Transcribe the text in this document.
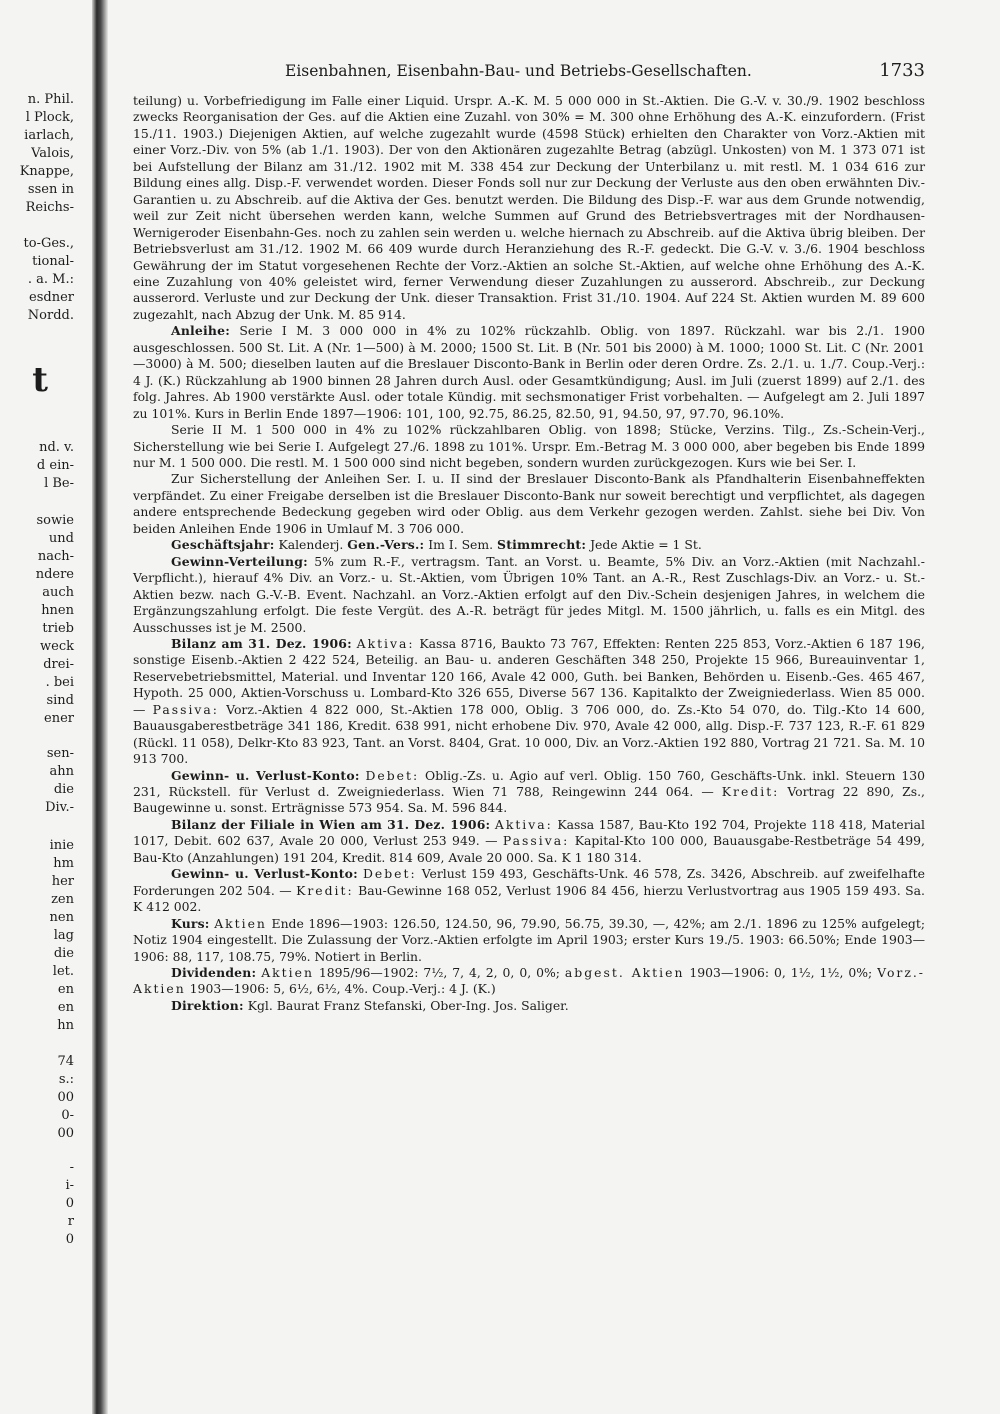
n. Phil.
l Plock,
iarlach,
Valois,
Knappe,
ssen in
Reichs-
to-Ges.,
tional-
. a. M.:
esdner
Nordd.
t
nd. v.
d ein-
l Be-
sowie
und
nach-
ndere
auch
hnen
trieb
weck
drei-
. bei
sind
ener
sen-
ahn
die
Div.-
inie
hm
her
zen
nen
lag
die
let.
en
en
hn
74
s.:
00
0-
00
-
i-
0
r
0
Eisenbahnen, Eisenbahn-Bau- und Betriebs-Gesellschaften.	1733

teilung) u. Vorbefriedigung im Falle einer Liquid. Urspr. A.-K. M. 5 000 000 in St.-Aktien. Die G.-V. v. 30./9. 1902 beschloss zwecks Reorganisation der Ges. auf die Aktien eine Zuzahl. von 30% = M. 300 ohne Erhöhung des A.-K. einzufordern. (Frist 15./11. 1903.) Diejenigen Aktien, auf welche zugezahlt wurde (4598 Stück) erhielten den Charakter von Vorz.-Aktien mit einer Vorz.-Div. von 5% (ab 1./1. 1903). Der von den Aktionären zugezahlte Betrag (abzügl. Unkosten) von M. 1 373 071 ist bei Aufstellung der Bilanz am 31./12. 1902 mit M. 338 454 zur Deckung der Unterbilanz u. mit restl. M. 1 034 616 zur Bildung eines allg. Disp.-F. verwendet worden. Dieser Fonds soll nur zur Deckung der Verluste aus den oben erwähnten Div.-Garantien u. zu Abschreib. auf die Aktiva der Ges. benutzt werden. Die Bildung des Disp.-F. war aus dem Grunde notwendig, weil zur Zeit nicht übersehen werden kann, welche Summen auf Grund des Betriebsvertrages mit der Nordhausen-Wernigeroder Eisenbahn-Ges. noch zu zahlen sein werden u. welche hiernach zu Abschreib. auf die Aktiva übrig bleiben. Der Betriebsverlust am 31./12. 1902 M. 66 409 wurde durch Heranziehung des R.-F. gedeckt. Die G.-V. v. 3./6. 1904 beschloss Gewährung der im Statut vorgesehenen Rechte der Vorz.-Aktien an solche St.-Aktien, auf welche ohne Erhöhung des A.-K. eine Zuzahlung von 40% geleistet wird, ferner Verwendung dieser Zuzahlungen zu ausserord. Abschreib., zur Deckung ausserord. Verluste und zur Deckung der Unk. dieser Transaktion. Frist 31./10. 1904. Auf 224 St. Aktien wurden M. 89 600 zugezahlt, nach Abzug der Unk. M. 85 914.

Anleihe: Serie I M. 3 000 000 in 4% zu 102% rückzahlb. Oblig. von 1897. Rückzahl. war bis 2./1. 1900 ausgeschlossen. 500 St. Lit. A (Nr. 1—500) à M. 2000; 1500 St. Lit. B (Nr. 501 bis 2000) à M. 1000; 1000 St. Lit. C (Nr. 2001—3000) à M. 500; dieselben lauten auf die Breslauer Disconto-Bank in Berlin oder deren Ordre. Zs. 2./1. u. 1./7. Coup.-Verj.: 4 J. (K.) Rückzahlung ab 1900 binnen 28 Jahren durch Ausl. oder Gesamtkündigung; Ausl. im Juli (zuerst 1899) auf 2./1. des folg. Jahres. Ab 1900 verstärkte Ausl. oder totale Kündig. mit sechsmonatiger Frist vorbehalten. — Aufgelegt am 2. Juli 1897 zu 101%. Kurs in Berlin Ende 1897—1906: 101, 100, 92.75, 86.25, 82.50, 91, 94.50, 97, 97.70, 96.10%.

Serie II M. 1 500 000 in 4% zu 102% rückzahlbaren Oblig. von 1898; Stücke, Verzins. Tilg., Zs.-Schein-Verj., Sicherstellung wie bei Serie I. Aufgelegt 27./6. 1898 zu 101%. Urspr. Em.-Betrag M. 3 000 000, aber begeben bis Ende 1899 nur M. 1 500 000. Die restl. M. 1 500 000 sind nicht begeben, sondern wurden zurückgezogen. Kurs wie bei Ser. I.

Zur Sicherstellung der Anleihen Ser. I. u. II sind der Breslauer Disconto-Bank als Pfandhalterin Eisenbahneffekten verpfändet. Zu einer Freigabe derselben ist die Breslauer Disconto-Bank nur soweit berechtigt und verpflichtet, als dagegen andere entsprechende Bedeckung gegeben wird oder Oblig. aus dem Verkehr gezogen werden. Zahlst. siehe bei Div. Von beiden Anleihen Ende 1906 in Umlauf M. 3 706 000.

Geschäftsjahr: Kalenderj. Gen.-Vers.: Im I. Sem. Stimmrecht: Jede Aktie = 1 St.

Gewinn-Verteilung: 5% zum R.-F., vertragsm. Tant. an Vorst. u. Beamte, 5% Div. an Vorz.-Aktien (mit Nachzahl.-Verpflicht.), hierauf 4% Div. an Vorz.- u. St.-Aktien, vom Übrigen 10% Tant. an A.-R., Rest Zuschlags-Div. an Vorz.- u. St.-Aktien bezw. nach G.-V.-B. Event. Nachzahl. an Vorz.-Aktien erfolgt auf den Div.-Schein desjenigen Jahres, in welchem die Ergänzungszahlung erfolgt. Die feste Vergüt. des A.-R. beträgt für jedes Mitgl. M. 1500 jährlich, u. falls es ein Mitgl. des Ausschusses ist je M. 2500.

Bilanz am 31. Dez. 1906: Aktiva: Kassa 8716, Baukto 73 767, Effekten: Renten 225 853, Vorz.-Aktien 6 187 196, sonstige Eisenb.-Aktien 2 422 524, Beteilig. an Bau- u. anderen Geschäften 348 250, Projekte 15 966, Bureauinventar 1, Reservebetriebsmittel, Material. und Inventar 120 166, Avale 42 000, Guth. bei Banken, Behörden u. Eisenb.-Ges. 465 467, Hypoth. 25 000, Aktien-Vorschuss u. Lombard-Kto 326 655, Diverse 567 136. Kapitalkto der Zweigniederlass. Wien 85 000. — Passiva: Vorz.-Aktien 4 822 000, St.-Aktien 178 000, Oblig. 3 706 000, do. Zs.-Kto 54 070, do. Tilg.-Kto 14 600, Bauausgaberestbeträge 341 186, Kredit. 638 991, nicht erhobene Div. 970, Avale 42 000, allg. Disp.-F. 737 123, R.-F. 61 829 (Rückl. 11 058), Delkr-Kto 83 923, Tant. an Vorst. 8404, Grat. 10 000, Div. an Vorz.-Aktien 192 880, Vortrag 21 721. Sa. M. 10 913 700.

Gewinn- u. Verlust-Konto: Debet: Oblig.-Zs. u. Agio auf verl. Oblig. 150 760, Geschäfts-Unk. inkl. Steuern 130 231, Rückstell. für Verlust d. Zweigniederlass. Wien 71 788, Reingewinn 244 064. — Kredit: Vortrag 22 890, Zs., Baugewinne u. sonst. Erträgnisse 573 954. Sa. M. 596 844.

Bilanz der Filiale in Wien am 31. Dez. 1906: Aktiva: Kassa 1587, Bau-Kto 192 704, Projekte 118 418, Material 1017, Debit. 602 637, Avale 20 000, Verlust 253 949. — Passiva: Kapital-Kto 100 000, Bauausgabe-Restbeträge 54 499, Bau-Kto (Anzahlungen) 191 204, Kredit. 814 609, Avale 20 000. Sa. K 1 180 314.

Gewinn- u. Verlust-Konto: Debet: Verlust 159 493, Geschäfts-Unk. 46 578, Zs. 3426, Abschreib. auf zweifelhafte Forderungen 202 504. — Kredit: Bau-Gewinne 168 052, Verlust 1906 84 456, hierzu Verlustvortrag aus 1905 159 493. Sa. K 412 002.

Kurs: Aktien Ende 1896—1903: 126.50, 124.50, 96, 79.90, 56.75, 39.30, —, 42%; am 2./1. 1896 zu 125% aufgelegt; Notiz 1904 eingestellt. Die Zulassung der Vorz.-Aktien erfolgte im April 1903; erster Kurs 19./5. 1903: 66.50%; Ende 1903—1906: 88, 117, 108.75, 79%. Notiert in Berlin.

Dividenden: Aktien 1895/96—1902: 7½, 7, 4, 2, 0, 0, 0%; abgest. Aktien 1903—1906: 0, 1½, 1½, 0%; Vorz.-Aktien 1903—1906: 5, 6½, 6½, 4%. Coup.-Verj.: 4 J. (K.)

Direktion: Kgl. Baurat Franz Stefanski, Ober-Ing. Jos. Saliger.
